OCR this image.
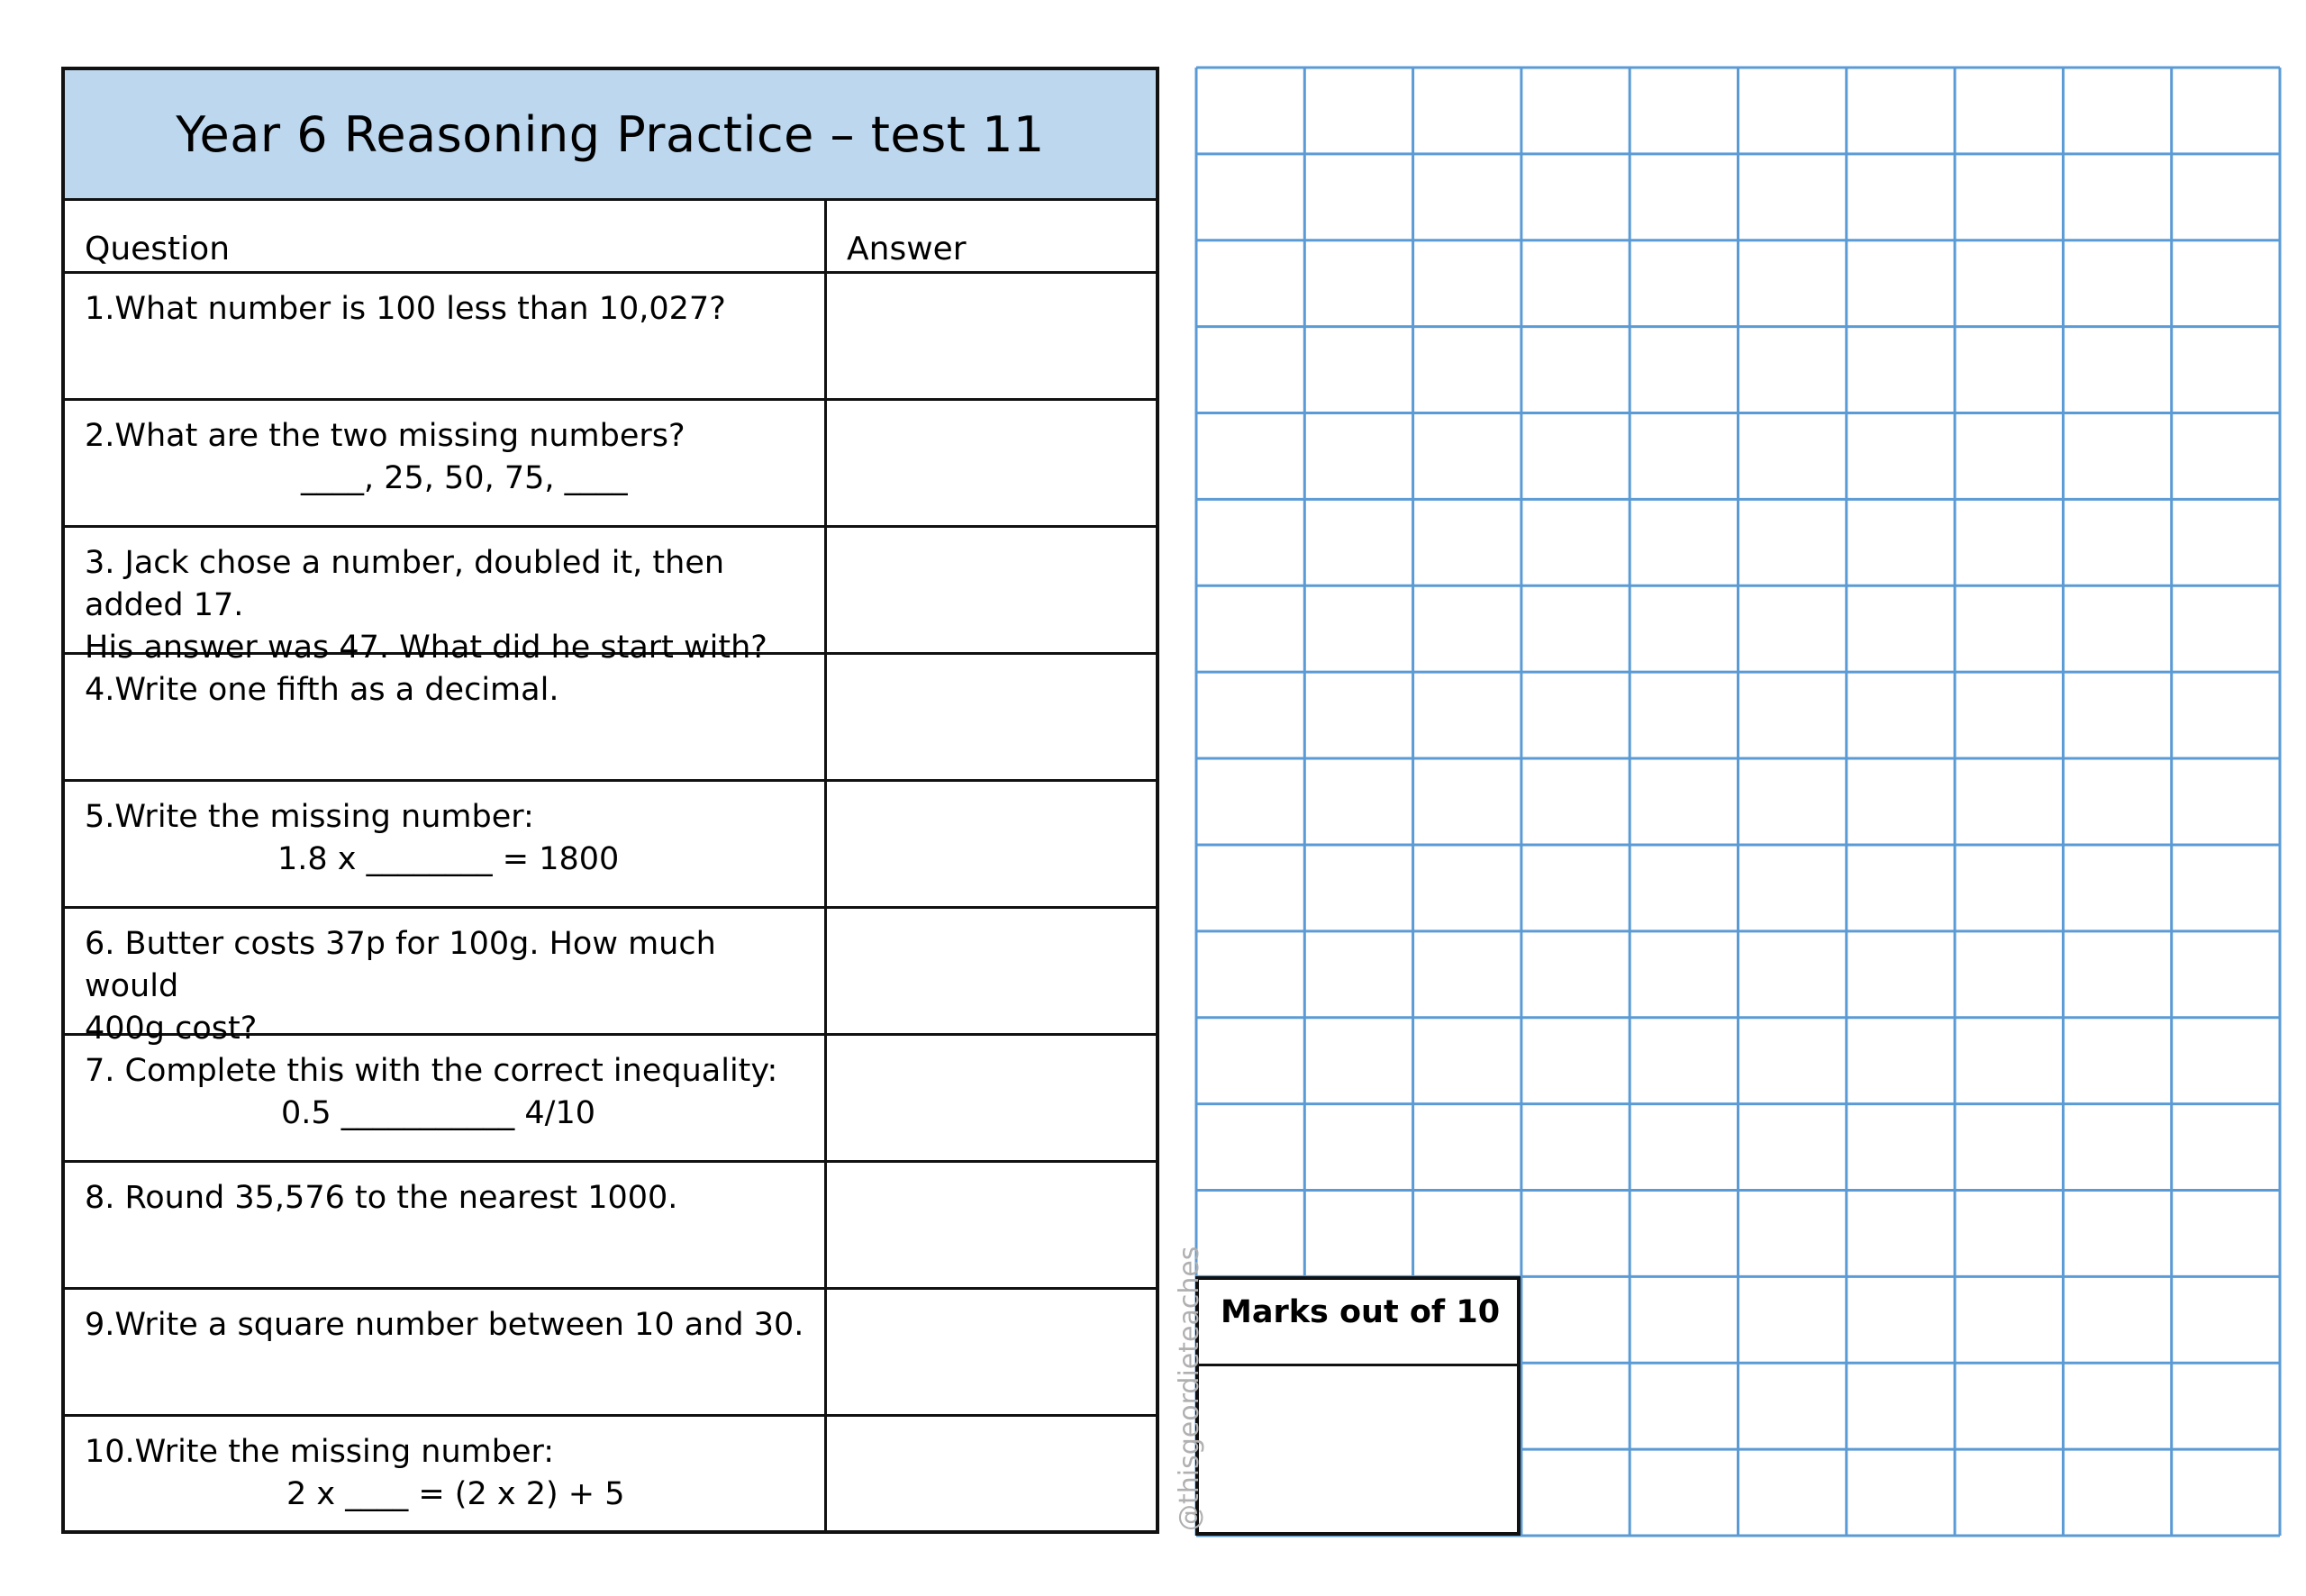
Year 6 Reasoning Practice – test 11
Question	Answer
1.What number is 100 less than 10,027?
2.What are the two missing numbers?
____, 25, 50, 75, ____
3. Jack chose a number, doubled it, then added 17.
His answer was 47. What did he start with?
4.Write one fifth as a decimal.
5.Write the missing number:
1.8 x ________ = 1800
6. Butter costs 37p for 100g. How much would
400g cost?
7. Complete this with the correct inequality:
0.5 ___________ 4/10
8. Round 35,576 to the nearest 1000.
9.Write a square number between 10 and 30.
10.Write the missing number:
2 x ____ = (2 x 2) + 5
Marks out of 10
@thisgeordieteaches
